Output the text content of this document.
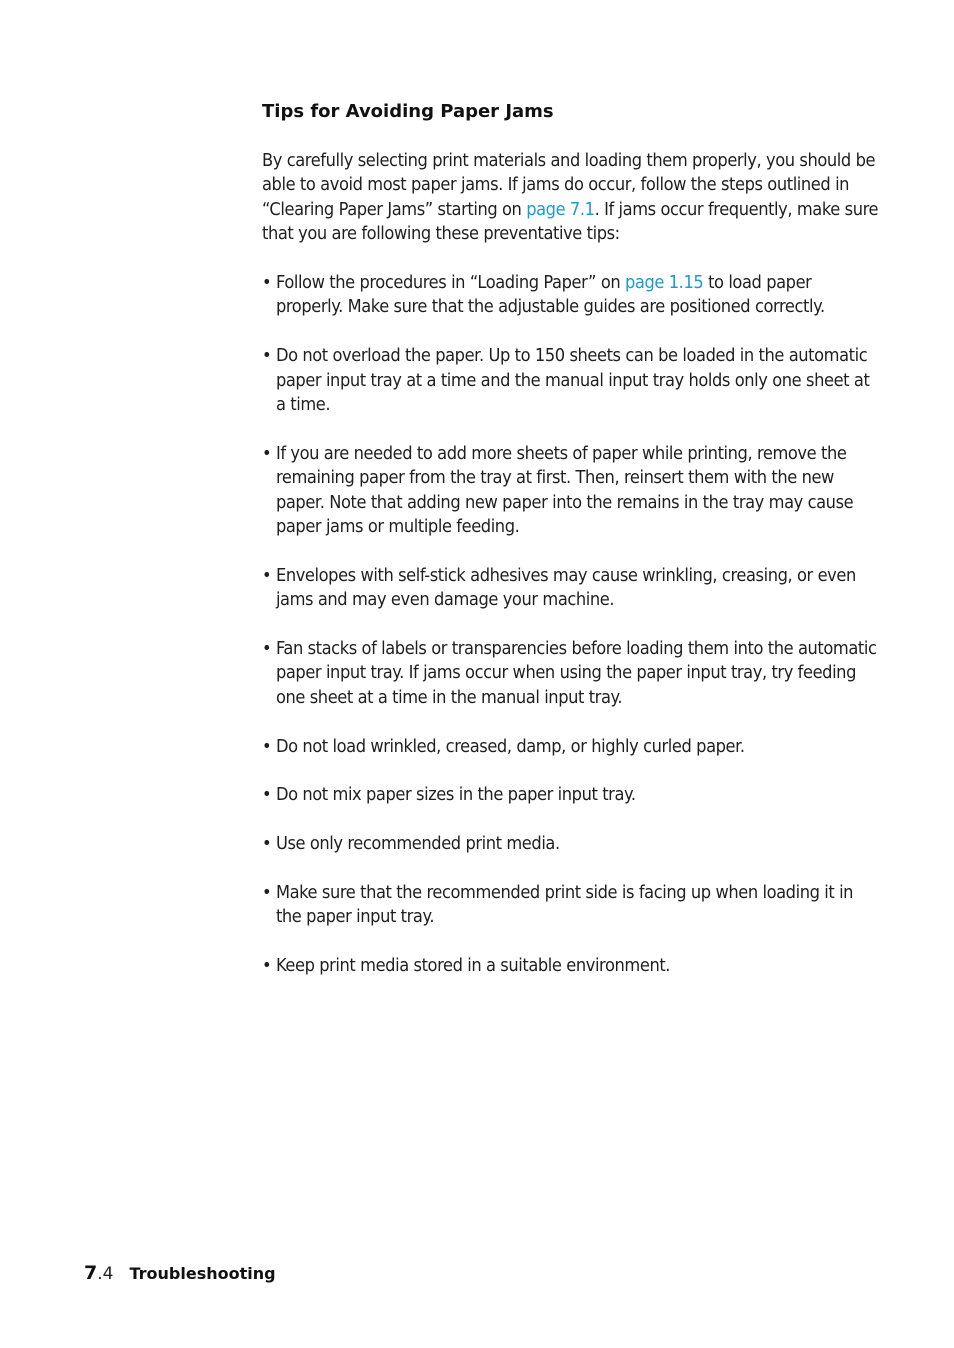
Tips for Avoiding Paper Jams
By carefully selecting print materials and loading them properly, you should be able to avoid most paper jams. If jams do occur, follow the steps outlined in “Clearing Paper Jams” starting on page 7.1. If jams occur frequently, make sure that you are following these preventative tips:
• Follow the procedures in “Loading Paper” on page 1.15 to load paper properly. Make sure that the adjustable guides are positioned correctly.
• Do not overload the paper. Up to 150 sheets can be loaded in the automatic paper input tray at a time and the manual input tray holds only one sheet at a time.
• If you are needed to add more sheets of paper while printing, remove the remaining paper from the tray at first. Then, reinsert them with the new paper. Note that adding new paper into the remains in the tray may cause paper jams or multiple feeding.
• Envelopes with self-stick adhesives may cause wrinkling, creasing, or even jams and may even damage your machine.
• Fan stacks of labels or transparencies before loading them into the automatic paper input tray. If jams occur when using the paper input tray, try feeding one sheet at a time in the manual input tray.
• Do not load wrinkled, creased, damp, or highly curled paper.
• Do not mix paper sizes in the paper input tray.
• Use only recommended print media.
• Make sure that the recommended print side is facing up when loading it in the paper input tray.
• Keep print media stored in a suitable environment.
7 . 4 Troubleshooting
